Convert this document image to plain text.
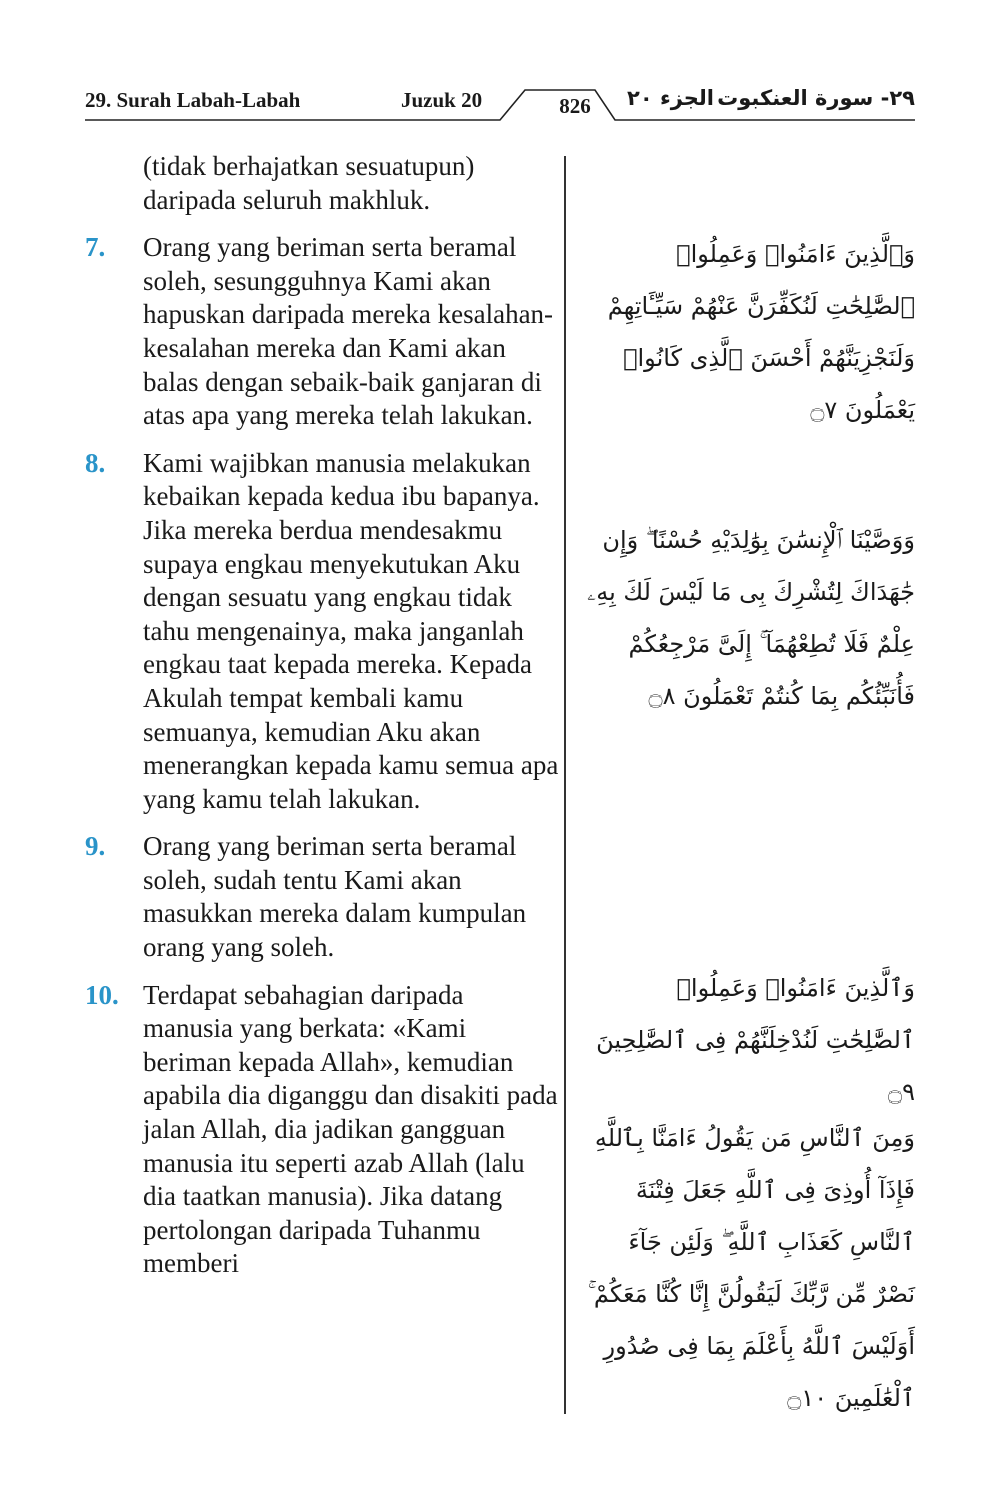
29. Surah Labah-Labah	Juzuk 20	826	الجزء ٢٠ ٢٩- سورة العنكبوت
(tidak berhajatkan sesuatupun) daripada seluruh makhluk.
7.	Orang yang beriman serta beramal soleh, sesungguhnya Kami akan hapuskan daripada mereka kesalahan-kesalahan mereka dan Kami akan balas dengan sebaik-baik ganjaran di atas apa yang mereka telah lakukan.
8.	Kami wajibkan manusia melakukan kebaikan kepada kedua ibu bapanya. Jika mereka berdua mendesakmu supaya engkau menyekutukan Aku dengan sesuatu yang engkau tidak tahu mengenainya, maka janganlah engkau taat kepada mereka. Kepada Akulah tempat kembali kamu semuanya, kemudian Aku akan menerangkan kepada kamu semua apa yang kamu telah lakukan.
9.	Orang yang beriman serta beramal soleh, sudah tentu Kami akan masukkan mereka dalam kumpulan orang yang soleh.
10. Terdapat sebahagian daripada manusia yang berkata: «Kami beriman kepada Allah», kemudian apabila dia diganggu dan disakiti pada jalan Allah, dia jadikan gangguan manusia itu seperti azab Allah (lalu dia taatkan manusia). Jika datang pertolongan daripada Tuhanmu memberi
وَٱلَّذِينَ ءَامَنُوا۟ وَعَمِلُوا۟ ٱلصَّٰلِحَٰتِ لَنُكَفِّرَنَّ عَنْهُمْ سَيِّـَٔاتِهِمْ وَلَنَجْزِيَنَّهُمْ أَحْسَنَ ٱلَّذِى كَانُوا۟ يَعْمَلُونَ ۝٧
وَوَصَّيْنَا ٱلْإِنسَٰنَ بِوَٰلِدَيْهِ حُسْنًا ۖ وَإِن جَٰهَدَاكَ لِتُشْرِكَ بِى مَا لَيْسَ لَكَ بِهِۦ عِلْمٌ فَلَا تُطِعْهُمَآ ۚ إِلَىَّ مَرْجِعُكُمْ فَأُنَبِّئُكُم بِمَا كُنتُمْ تَعْمَلُونَ ۝٨
وَٱلَّذِينَ ءَامَنُوا۟ وَعَمِلُوا۟ ٱلصَّٰلِحَٰتِ لَنُدْخِلَنَّهُمْ فِى ٱلصَّٰلِحِينَ ۝٩
وَمِنَ ٱلنَّاسِ مَن يَقُولُ ءَامَنَّا بِٱللَّهِ فَإِذَآ أُوذِىَ فِى ٱللَّهِ جَعَلَ فِتْنَةَ ٱلنَّاسِ كَعَذَابِ ٱللَّهِ ۖ وَلَئِن جَآءَ نَصْرٌ مِّن رَّبِّكَ لَيَقُولُنَّ إِنَّا كُنَّا مَعَكُمْ ۚ أَوَلَيْسَ ٱللَّهُ بِأَعْلَمَ بِمَا فِى صُدُورِ ٱلْعَٰلَمِينَ ۝١٠
